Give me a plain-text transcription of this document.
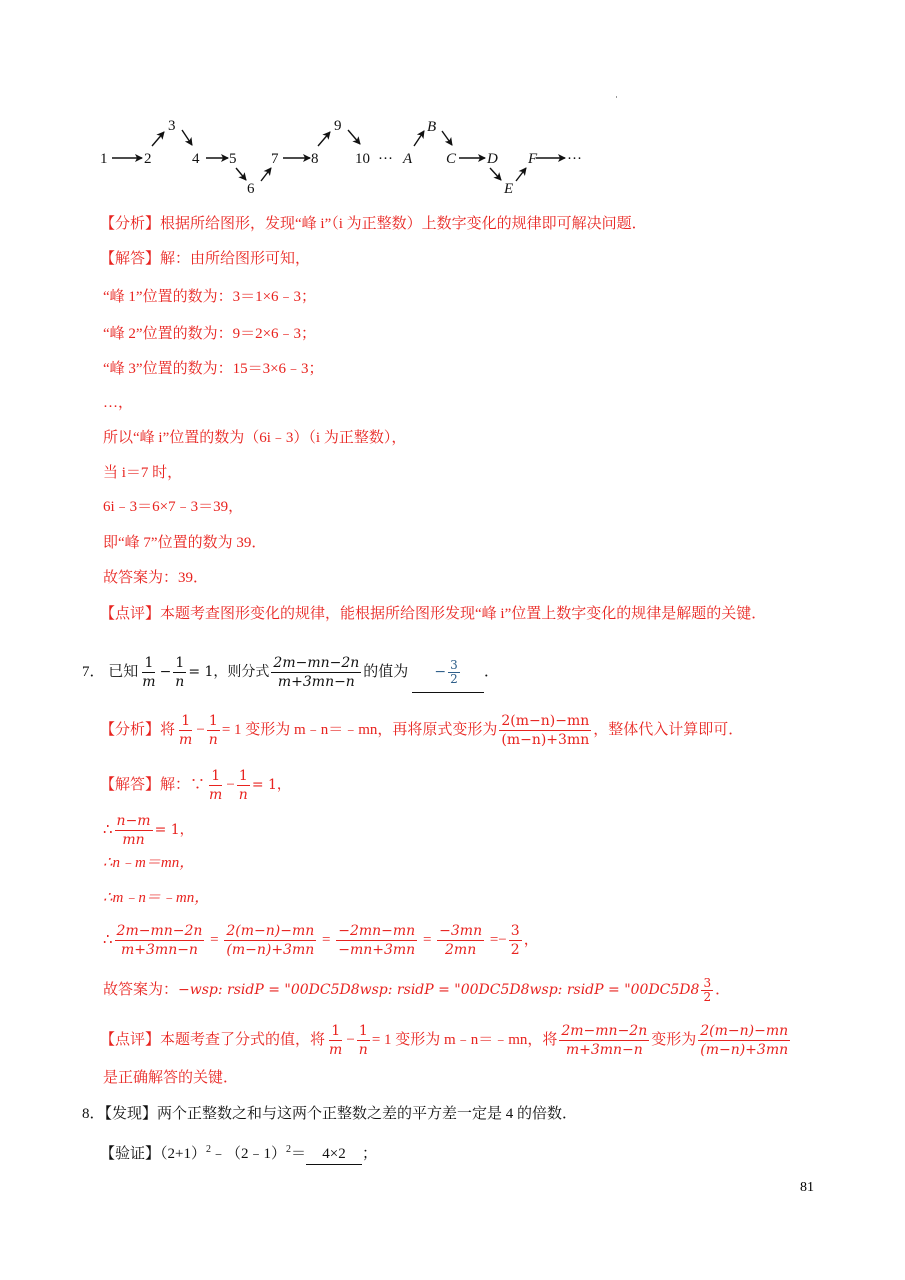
1 2
3
4 5
6
7 8
9
10 ··· A
B
C D
E
F ···
【分析】根据所给图形，发现“峰 i”（i 为正整数）上数字变化的规律即可解决问题．
【解答】解：由所给图形可知，
“峰 1”位置的数为：3＝1×6﹣3；
“峰 2”位置的数为：9＝2×6﹣3；
“峰 3”位置的数为：15＝3×6﹣3；
…，
所以“峰 i”位置的数为（6i﹣3）（i 为正整数），
当 i＝7 时，
6i﹣3＝6×7﹣3＝39，
即“峰 7”位置的数为 39．
故答案为：39．
【点评】本题考查图形变化的规律，能根据所给图形发现“峰 i”位置上数字变化的规律是解题的关键．
7． 已知 $\frac{1}{m} - \frac{1}{n} = 1$，则分式 $\frac{2m-mn-2n}{m+3mn-n}$ 的值为 − $\frac{3}{2}$ ．
【分析】将 $\frac{1}{m} - \frac{1}{n} = 1$ 变形为 m﹣n＝﹣mn，再将原式变形为 $\frac{2(m-n)-mn}{(m-n)+3mn}$ ，整体代入计算即可．
【解答】解：∵ $\frac{1}{m} - \frac{1}{n} = 1$，
∴ $\frac{n-m}{mn} = 1$，
∴n﹣m＝mn，
∴m﹣n＝﹣mn，
∴ $\frac{2m-mn-2n}{m+3mn-n} = \frac{2(m-n)-mn}{(m-n)+3mn} = \frac{-2mn-mn}{-mn+3mn} = \frac{-3mn}{2mn} =- \frac{3}{2}$ ，
故答案为：−wsp: rsidP = "00DC5D8wsp: rsidP = "00DC5D8wsp: rsidP = "$00DC5D8 \frac{3}{2}$ ．
【点评】本题考查了分式的值，将 $\frac{1}{m} - \frac{1}{n} = 1$ 变形为 m﹣n＝﹣mn，将 $\frac{2m-mn-2n}{m+3mn-n}$ 变形为 $\frac{2(m-n)-mn}{(m-n)+3mn}$
是正确解答的关键．
8．【发现】两个正整数之和与这两个正整数之差的平方差一定是 4 的倍数．
【验证】$(2+1)^2﹣(2﹣1)^2= 4\times 2$ ；
81
